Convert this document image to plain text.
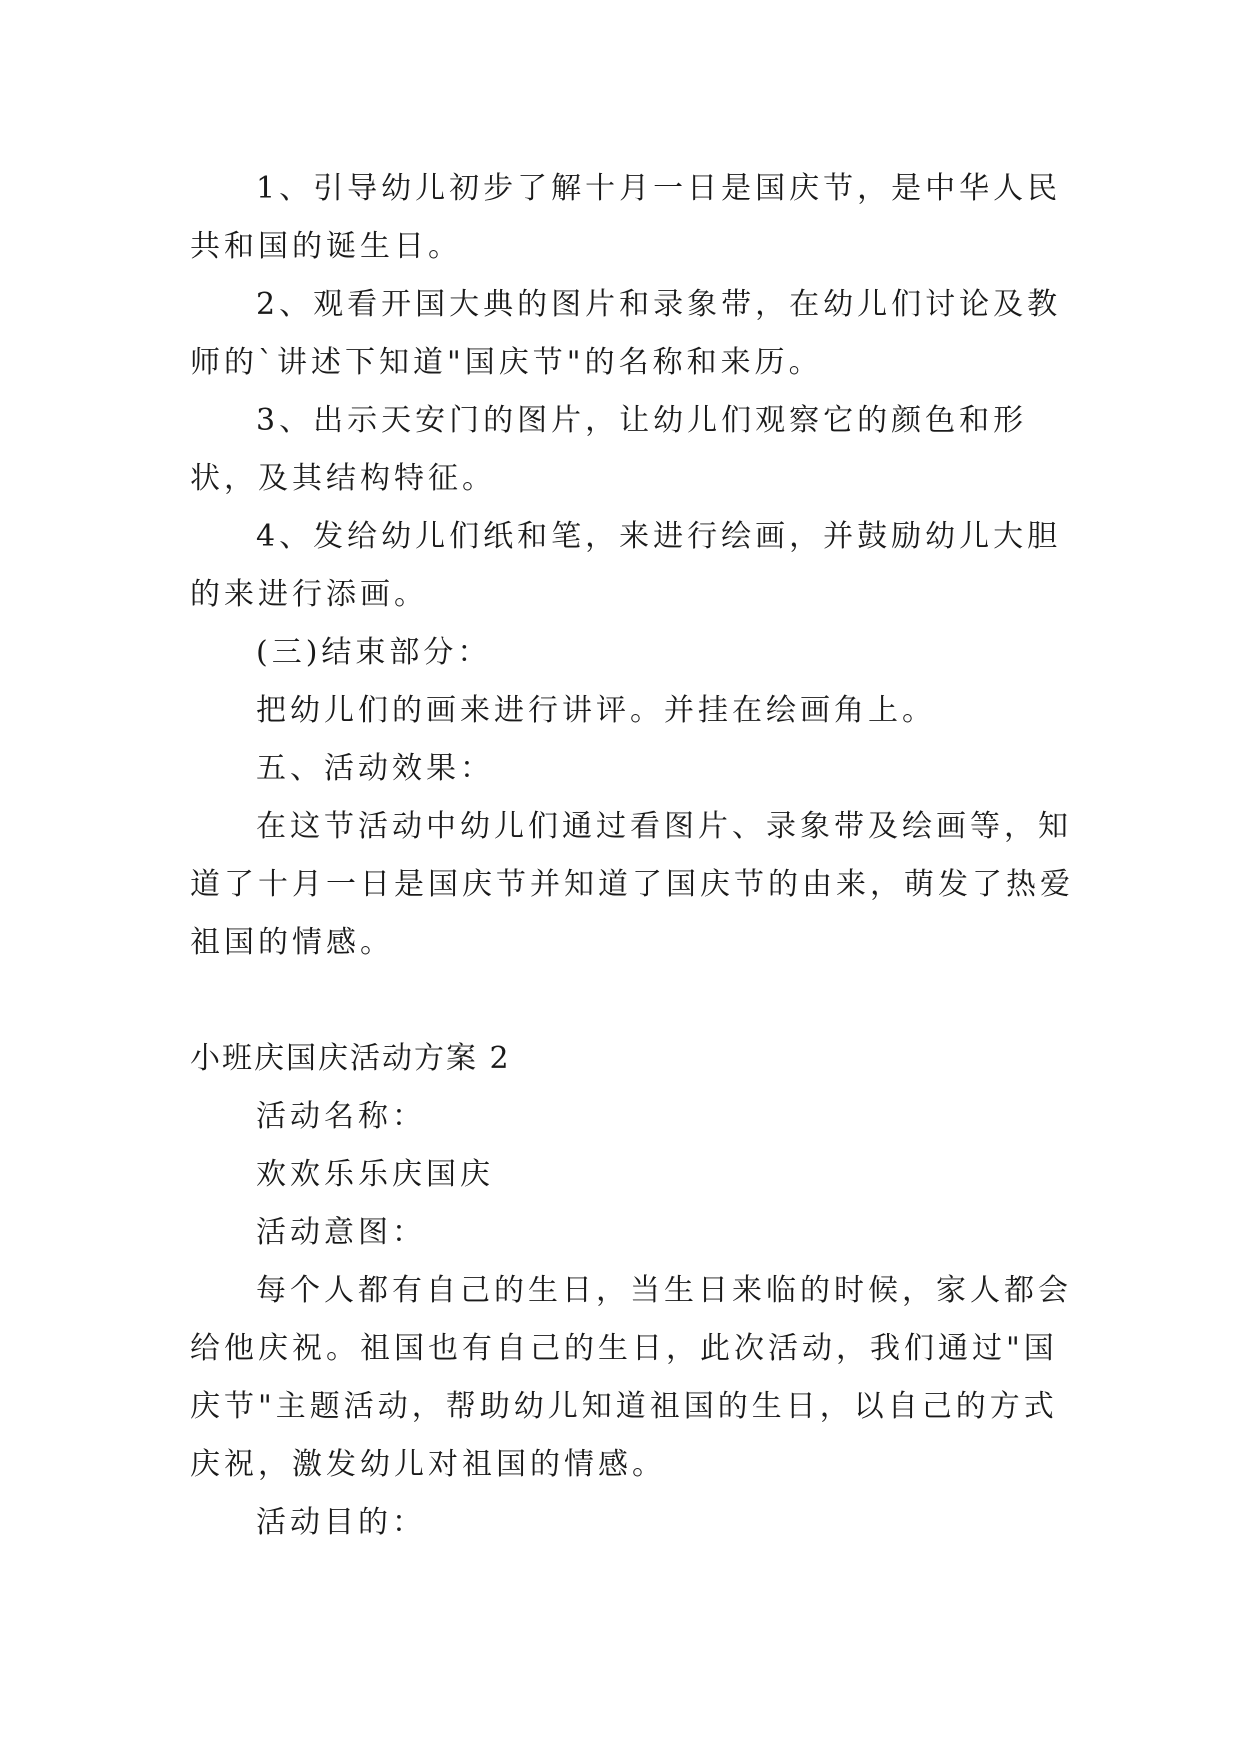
1、引导幼儿初步了解十月一日是国庆节，是中华人民共和国的诞生日。

2、观看开国大典的图片和录象带，在幼儿们讨论及教师的`讲述下知道"国庆节"的名称和来历。

3、出示天安门的图片，让幼儿们观察它的颜色和形状，及其结构特征。

4、发给幼儿们纸和笔，来进行绘画，并鼓励幼儿大胆的来进行添画。

(三)结束部分：

把幼儿们的画来进行讲评。并挂在绘画角上。

五、活动效果：

在这节活动中幼儿们通过看图片、录象带及绘画等，知道了十月一日是国庆节并知道了国庆节的由来，萌发了热爱祖国的情感。

小班庆国庆活动方案 2

活动名称：

欢欢乐乐庆国庆

活动意图：

每个人都有自己的生日，当生日来临的时候，家人都会给他庆祝。祖国也有自己的生日，此次活动，我们通过"国庆节"主题活动，帮助幼儿知道祖国的生日，以自己的方式庆祝，激发幼儿对祖国的情感。

活动目的：
